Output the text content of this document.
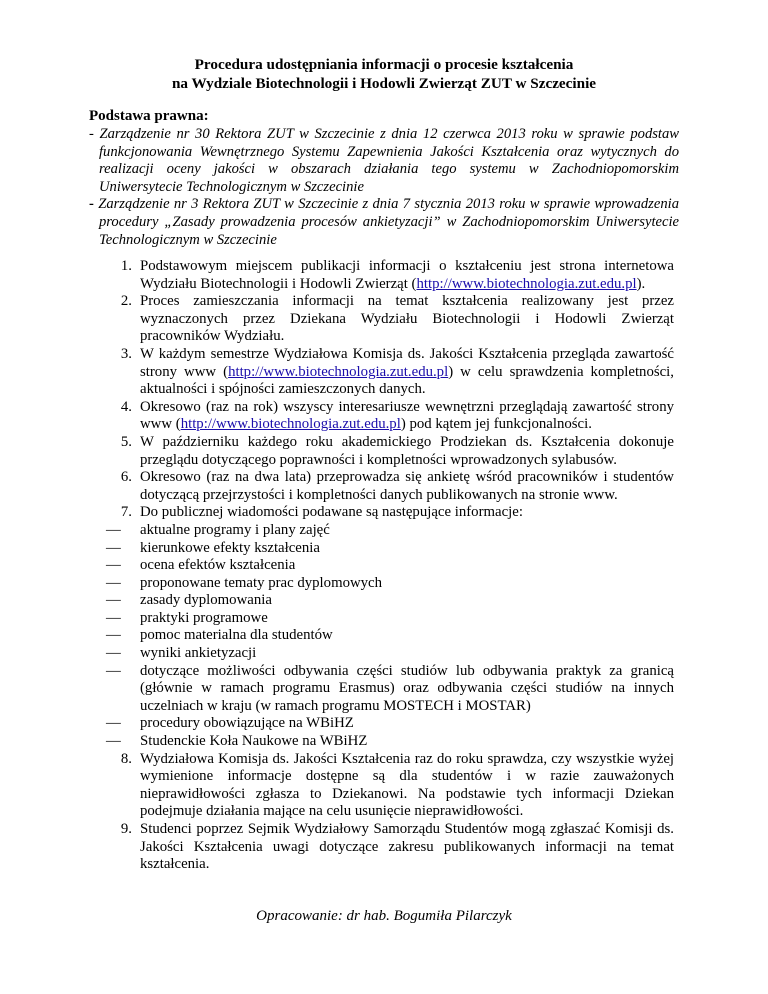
Procedura udostępniania informacji o procesie kształcenia
na Wydziale Biotechnologii i Hodowli Zwierząt ZUT w Szczecinie
Podstawa prawna:
- Zarządzenie nr 30 Rektora ZUT w Szczecinie z dnia 12 czerwca 2013 roku w sprawie podstaw funkcjonowania Wewnętrznego Systemu Zapewnienia Jakości Kształcenia oraz wytycznych do realizacji oceny jakości w obszarach działania tego systemu w Zachodniopomorskim Uniwersytecie Technologicznym w Szczecinie
- Zarządzenie nr 3 Rektora ZUT w Szczecinie z dnia 7 stycznia 2013 roku w sprawie wprowadzenia procedury „Zasady prowadzenia procesów ankietyzacji” w Zachodniopomorskim Uniwersytecie Technologicznym w Szczecinie
1. Podstawowym miejscem publikacji informacji o kształceniu jest strona internetowa Wydziału Biotechnologii i Hodowli Zwierząt (http://www.biotechnologia.zut.edu.pl).
2. Proces zamieszczania informacji na temat kształcenia realizowany jest przez wyznaczonych przez Dziekana Wydziału Biotechnologii i Hodowli Zwierząt pracowników Wydziału.
3. W każdym semestrze Wydziałowa Komisja ds. Jakości Kształcenia przegląda zawartość strony www (http://www.biotechnologia.zut.edu.pl) w celu sprawdzenia kompletności, aktualności i spójności zamieszczonych danych.
4. Okresowo (raz na rok) wszyscy interesariusze wewnętrzni przeglądają zawartość strony www (http://www.biotechnologia.zut.edu.pl) pod kątem jej funkcjonalności.
5. W październiku każdego roku akademickiego Prodziekan ds. Kształcenia dokonuje przeglądu dotyczącego poprawności i kompletności wprowadzonych sylabusów.
6. Okresowo (raz na dwa lata) przeprowadza się ankietę wśród pracowników i studentów dotyczącą przejrzystości i kompletności danych publikowanych na stronie www.
7. Do publicznej wiadomości podawane są następujące informacje:
—	aktualne programy i plany zajęć
—	kierunkowe efekty kształcenia
—	ocena efektów kształcenia
—	proponowane tematy prac dyplomowych
—	zasady dyplomowania
—	praktyki programowe
—	pomoc materialna dla studentów
—	wyniki ankietyzacji
—	dotyczące możliwości odbywania części studiów lub odbywania praktyk za granicą (głównie w ramach programu Erasmus) oraz odbywania części studiów na innych uczelniach w kraju (w ramach programu MOSTECH i MOSTAR)
—	procedury obowiązujące na WBiHZ
—	Studenckie Koła Naukowe na WBiHZ
8. Wydziałowa Komisja ds. Jakości Kształcenia raz do roku sprawdza, czy wszystkie wyżej wymienione informacje dostępne są dla studentów i w razie zauważonych nieprawidłowości zgłasza to Dziekanowi. Na podstawie tych informacji Dziekan podejmuje działania mające na celu usunięcie nieprawidłowości.
9. Studenci poprzez Sejmik Wydziałowy Samorządu Studentów mogą zgłaszać Komisji ds. Jakości Kształcenia uwagi dotyczące zakresu publikowanych informacji na temat kształcenia.
Opracowanie: dr hab. Bogumiła Pilarczyk
